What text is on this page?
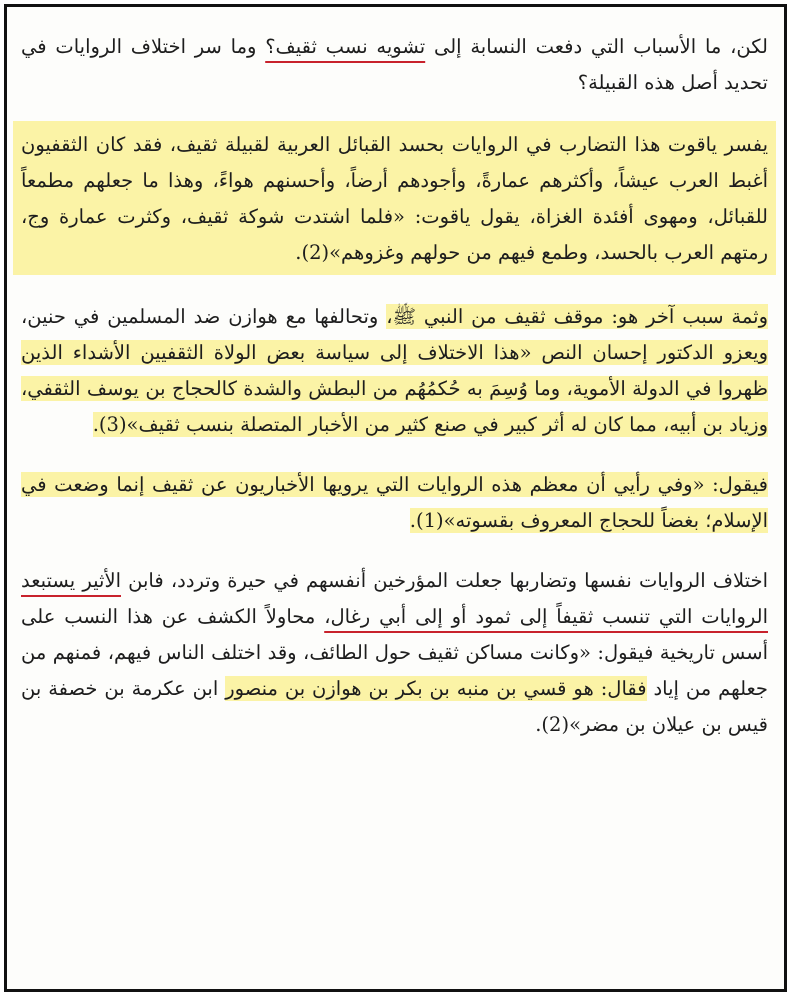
لكن، ما الأسباب التي دفعت النسابة إلى تشويه نسب ثقيف؟ وما سر اختلاف الروايات في تحديد أصل هذه القبيلة؟

يفسر ياقوت هذا التضارب في الروايات بحسد القبائل العربية لقبيلة ثقيف، فقد كان الثقفيون أغبط العرب عيشاً، وأكثرهم عمارةً، وأجودهم أرضاً، وأحسنهم هواءً، وهذا ما جعلهم مطمعاً للقبائل، ومهوى أفئدة الغزاة، يقول ياقوت: «فلما اشتدت شوكة ثقيف، وكثرت عمارة وج، رمتهم العرب بالحسد، وطمع فيهم من حولهم وغزوهم»(2).

وثمة سبب آخر هو: موقف ثقيف من النبي ﷺ، وتحالفها مع هوازن ضد المسلمين في حنين، ويعزو الدكتور إحسان النص «هذا الاختلاف إلى سياسة بعض الولاة الثقفيين الأشداء الذين ظهروا في الدولة الأموية، وما وُسِمَ به حُكمُهُم من البطش والشدة كالحجاج بن يوسف الثقفي، وزياد بن أبيه، مما كان له أثر كبير في صنع كثير من الأخبار المتصلة بنسب ثقيف»(3).

فيقول: «وفي رأيي أن معظم هذه الروايات التي يرويها الأخباريون عن ثقيف إنما وضعت في الإسلام؛ بغضاً للحجاج المعروف بقسوته»(1).

اختلاف الروايات نفسها وتضاربها جعلت المؤرخين أنفسهم في حيرة وتردد، فابن الأثير يستبعد الروايات التي تنسب ثقيفاً إلى ثمود أو إلى أبي رغال، محاولاً الكشف عن هذا النسب على أسس تاريخية فيقول: «وكانت مساكن ثقيف حول الطائف، وقد اختلف الناس فيهم، فمنهم من جعلهم من إياد فقال: هو قسي بن منبه بن بكر بن هوازن بن منصور ابن عكرمة بن خصفة بن قيس بن عيلان بن مضر»(2).
